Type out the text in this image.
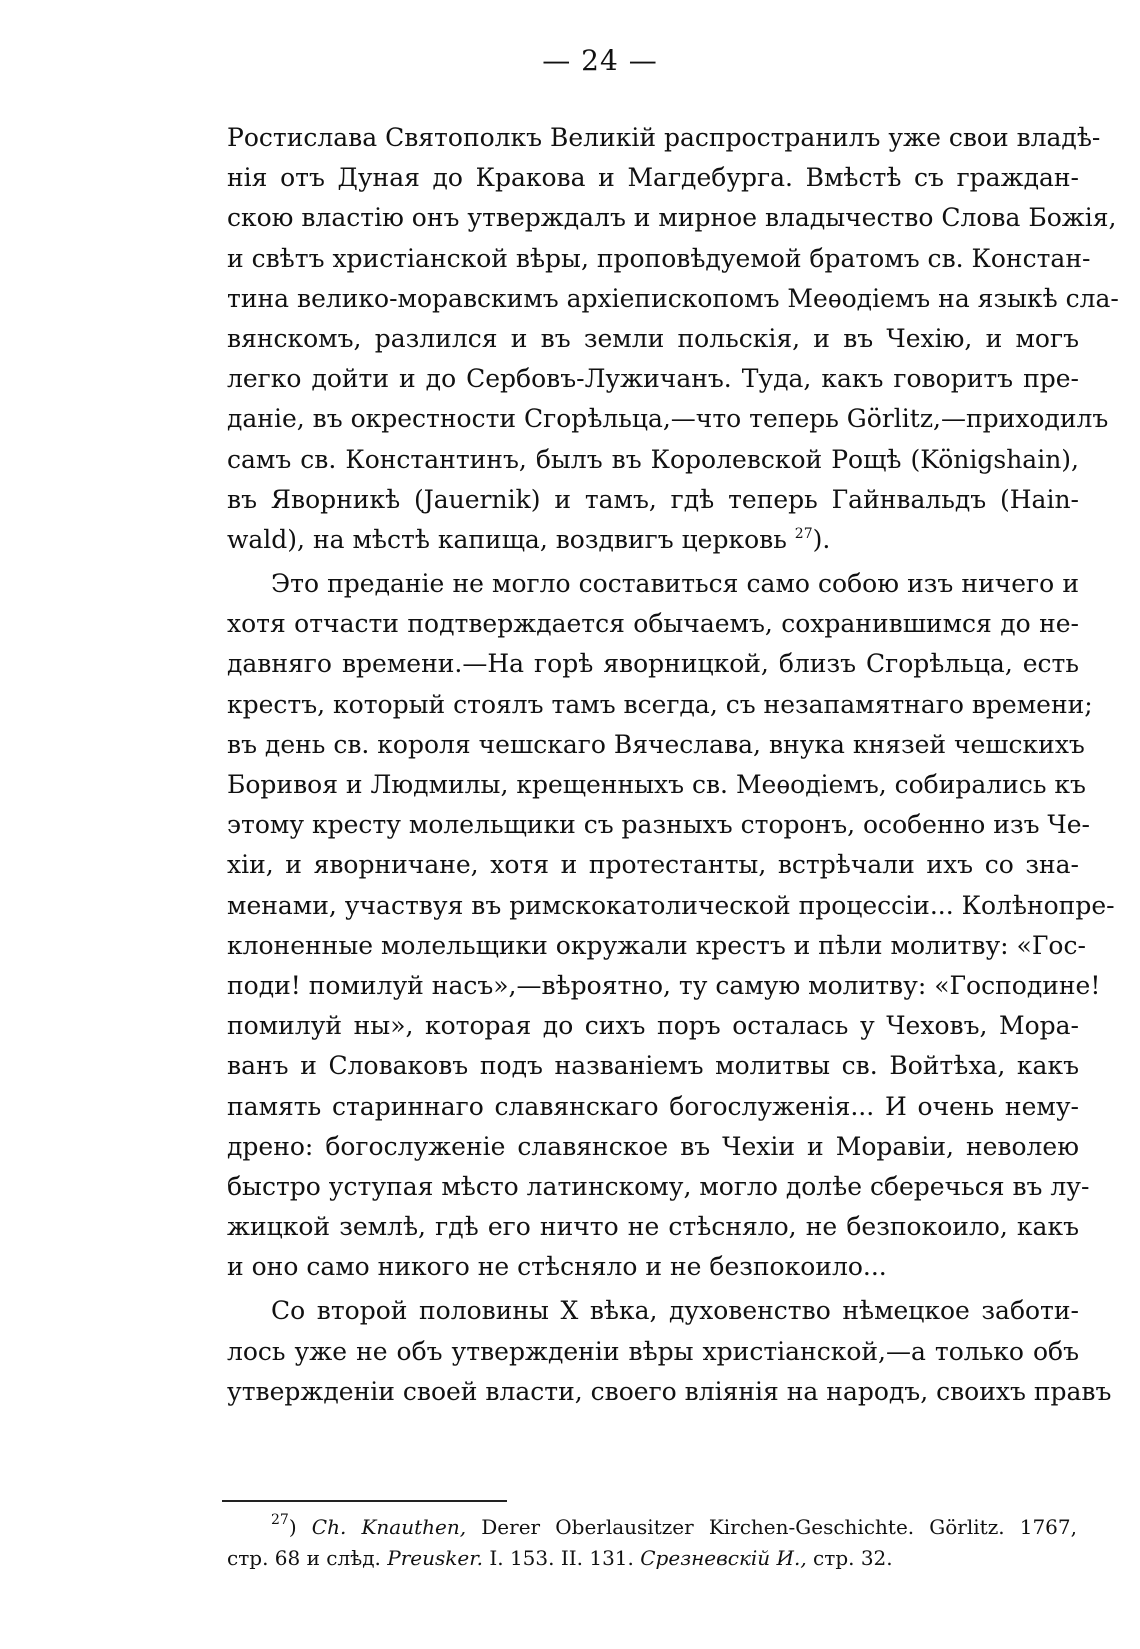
— 24 —
Ростислава Святополкъ Великій распространилъ уже свои владѣ-
нія отъ Дуная до Кракова и Магдебурга. Вмѣстѣ съ граждан-
скою властію онъ утверждалъ и мирное владычество Слова Божія,
и свѣтъ христіанской вѣры, проповѣдуемой братомъ св. Констан-
тина велико-моравскимъ архіепископомъ Меѳодіемъ на языкѣ сла-
вянскомъ, разлился и въ земли польскія, и въ Чехію, и могъ
легко дойти и до Сербовъ-Лужичанъ. Туда, какъ говоритъ пре-
даніе, въ окрестности Сгорѣльца,—что теперь Görlitz,—приходилъ
самъ св. Константинъ, былъ въ Королевской Рощѣ (Königshain),
въ Яворникѣ (Jauernik) и тамъ, гдѣ теперь Гайнвальдъ (Hain-
wald), на мѣстѣ капища, воздвигъ церковь $^{27}$).
Это преданіе не могло составиться само собою изъ ничего и
хотя отчасти подтверждается обычаемъ, сохранившимся до не-
давняго времени.—На горѣ яворницкой, близъ Сгорѣльца, есть
крестъ, который стоялъ тамъ всегда, съ незапамятнаго времени;
въ день св. короля чешскаго Вячеслава, внука князей чешскихъ
Боривоя и Людмилы, крещенныхъ св. Меѳодіемъ, собирались къ
этому кресту молельщики съ разныхъ сторонъ, особенно изъ Че-
хіи, и яворничане, хотя и протестанты, встрѣчали ихъ со зна-
менами, участвуя въ римскокатолической процессіи... Колѣнопре-
клоненные молельщики окружали крестъ и пѣли молитву: «Гос-
поди! помилуй насъ»,—вѣроятно, ту самую молитву: «Господине!
помилуй ны», которая до сихъ поръ осталась у Чеховъ, Мора-
ванъ и Словаковъ подъ названіемъ молитвы св. Войтѣха, какъ
память стариннаго славянскаго богослуженія... И очень нему-
дрено: богослуженіе славянское въ Чехіи и Моравіи, неволею
быстро уступая мѣсто латинскому, могло долѣе сберечься въ лу-
жицкой землѣ, гдѣ его ничто не стѣсняло, не безпокоило, какъ
и оно само никого не стѣсняло и не безпокоило...
Со второй половины X вѣка, духовенство нѣмецкое заботи-
лось уже не объ утвержденіи вѣры христіанской,—а только объ
утвержденіи своей власти, своего вліянія на народъ, своихъ правъ
$^{27}$) Ch. Knauthen, Derer Oberlausitzer Kirchen-Geschichte. Görlitz. 1767,
стр. 68 и слѣд. Preusker. I. 153. II. 131. Срезневскій И., стр. 32.
